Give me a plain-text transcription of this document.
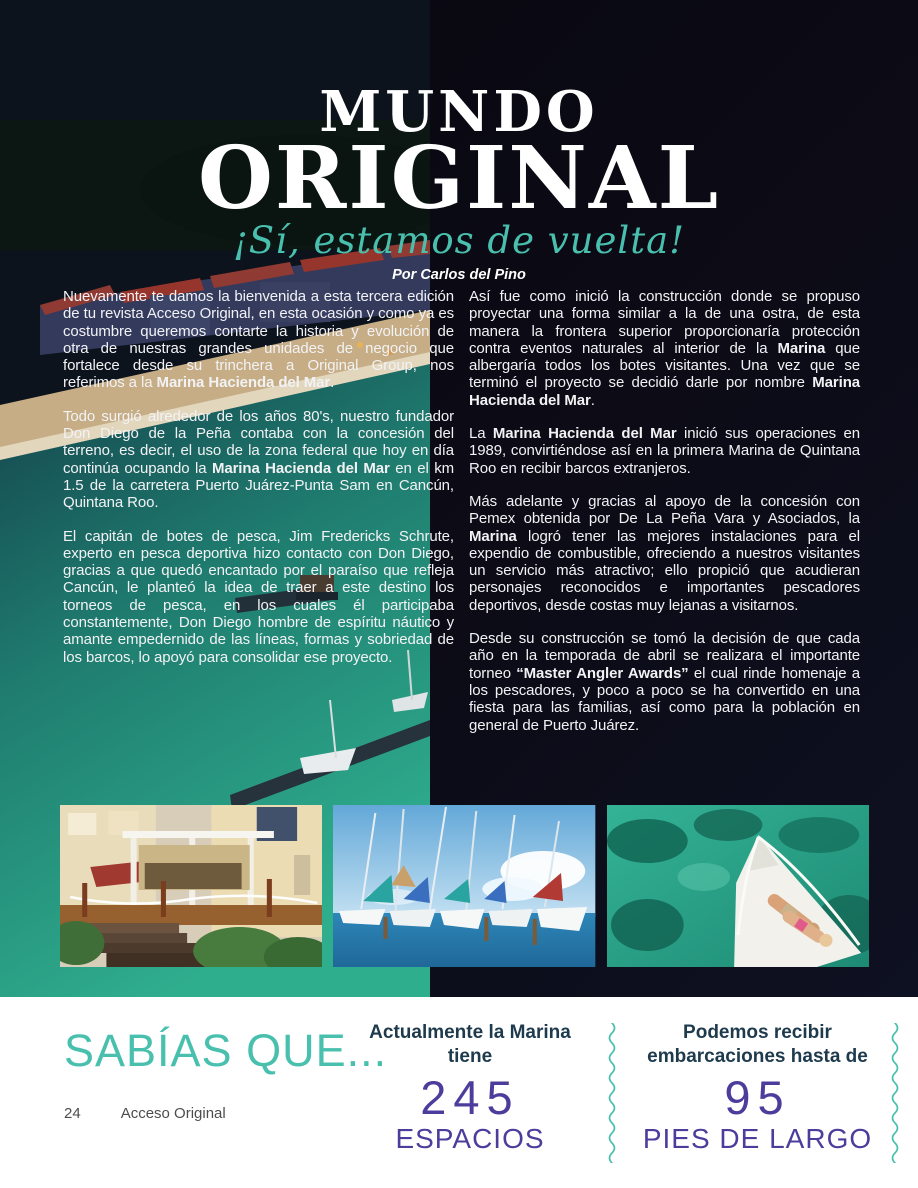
MUNDO
ORIGINAL
¡Sí, estamos de vuelta!
Por Carlos del Pino

Nuevamente te damos la bienvenida a esta tercera edición de tu revista Acceso Original, en esta ocasión y como ya es costumbre queremos contarte la historia y evolución de otra de nuestras grandes unidades de negocio que fortalece desde su trinchera a Original Group, nos referimos a la Marina Hacienda del Mar.

Todo surgió alrededor de los años 80's, nuestro fundador Don Diego de la Peña contaba con la concesión del terreno, es decir, el uso de la zona federal que hoy en día continúa ocupando la Marina Hacienda del Mar en el km 1.5 de la carretera Puerto Juárez-Punta Sam en Cancún, Quintana Roo.

El capitán de botes de pesca, Jim Fredericks Schrute, experto en pesca deportiva hizo contacto con Don Diego, gracias a que quedó encantado por el paraíso que refleja Cancún, le planteó la idea de traer a este destino los torneos de pesca, en los cuales él participaba constantemente, Don Diego hombre de espíritu náutico y amante empedernido de las líneas, formas y sobriedad de los barcos, lo apoyó para consolidar ese proyecto.

Así fue como inició la construcción donde se propuso proyectar una forma similar a la de una ostra, de esta manera la frontera superior proporcionaría protección contra eventos naturales al interior de la Marina que albergaría todos los botes visitantes. Una vez que se terminó el proyecto se decidió darle por nombre Marina Hacienda del Mar.

La Marina Hacienda del Mar inició sus operaciones en 1989, convirtiéndose así en la primera Marina de Quintana Roo en recibir barcos extranjeros.

Más adelante y gracias al apoyo de la concesión con Pemex obtenida por De La Peña Vara y Asociados, la Marina logró tener las mejores instalaciones para el expendio de combustible, ofreciendo a nuestros visitantes un servicio más atractivo; ello propició que acudieran personajes reconocidos e importantes pescadores deportivos, desde costas muy lejanas a visitarnos.

Desde su construcción se tomó la decisión de que cada año en la temporada de abril se realizara el importante torneo “Master Angler Awards” el cual rinde homenaje a los pescadores, y poco a poco se ha convertido en una fiesta para las familias, así como para la población en general de Puerto Juárez.

SABÍAS QUE...
Actualmente la Marina tiene
245
ESPACIOS
Podemos recibir embarcaciones hasta de
95
PIES DE LARGO
24	Acceso Original
